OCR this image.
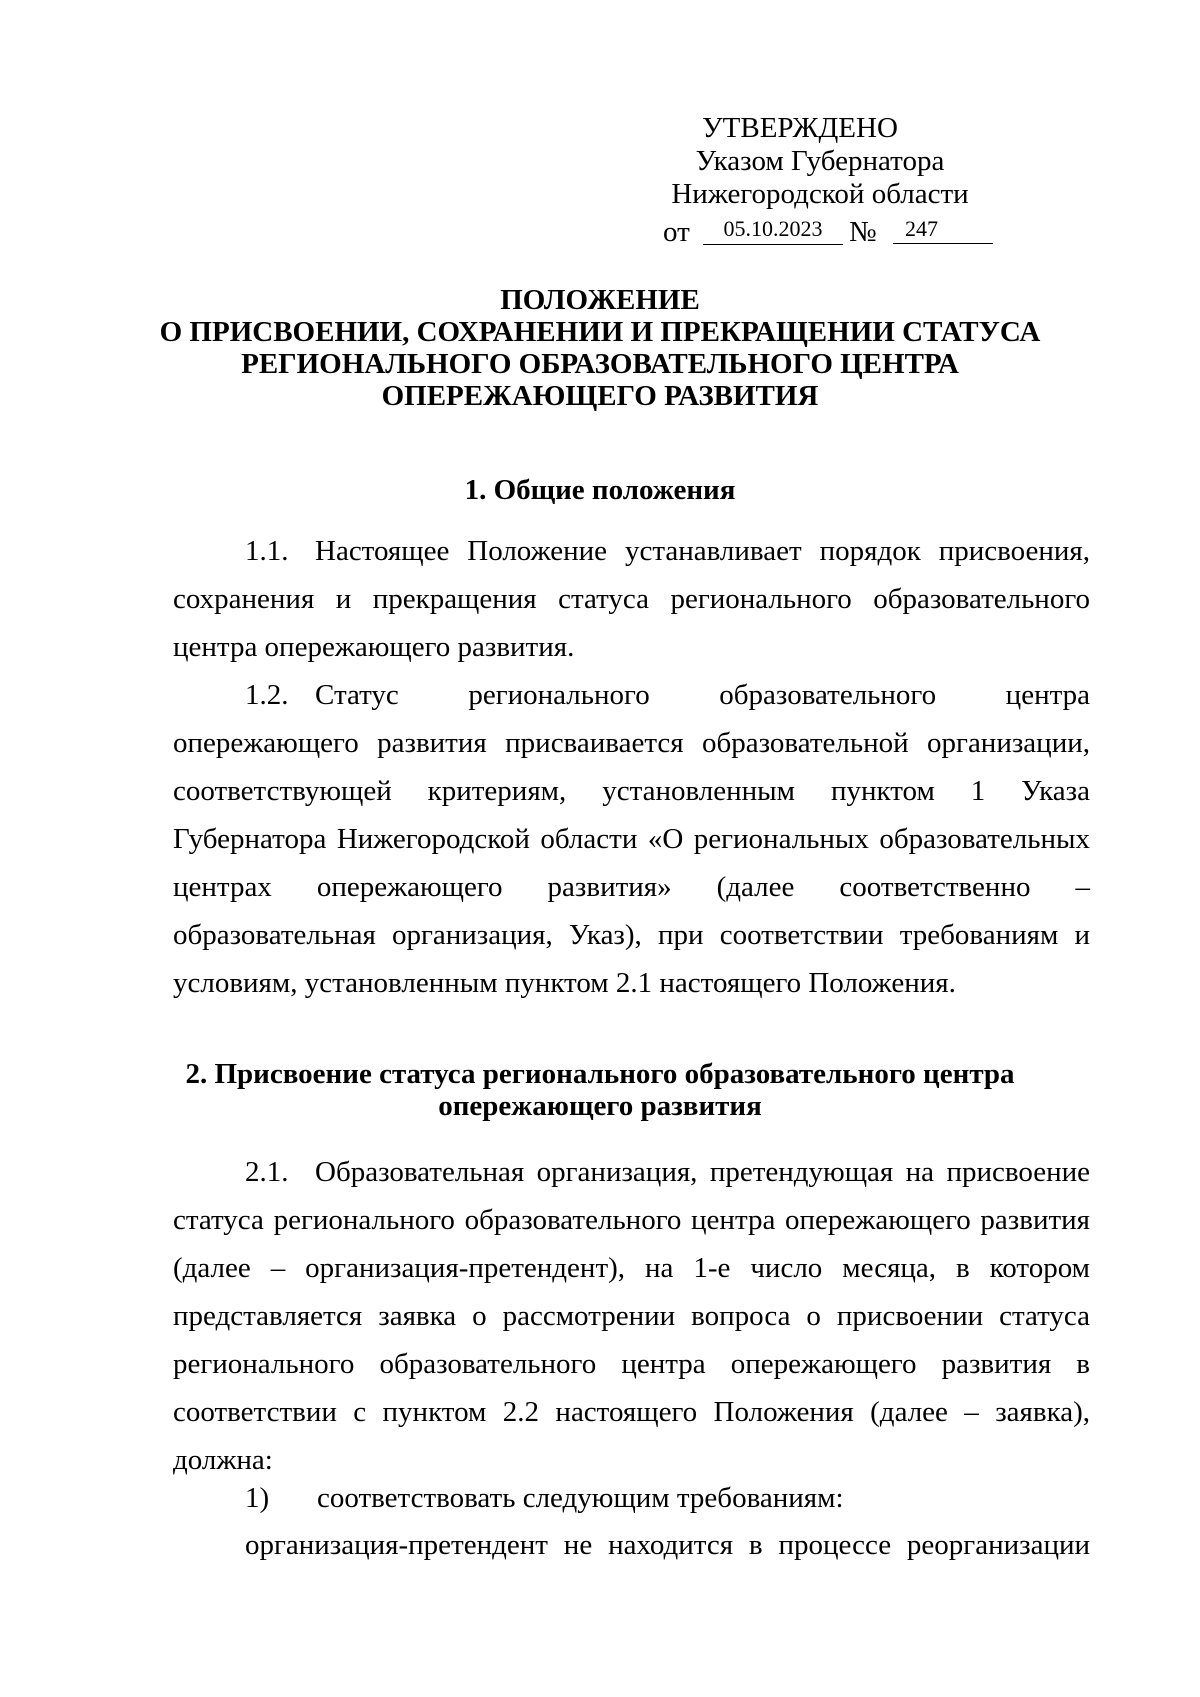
УТВЕРЖДЕНО
Указом Губернатора
Нижегородской области
от	05.10.2023 №	247
ПОЛОЖЕНИЕ
О ПРИСВОЕНИИ, СОХРАНЕНИИ И ПРЕКРАЩЕНИИ СТАТУСА
РЕГИОНАЛЬНОГО ОБРАЗОВАТЕЛЬНОГО ЦЕНТРА
ОПЕРЕЖАЮЩЕГО РАЗВИТИЯ
1. Общие положения
1.1. Настоящее Положение устанавливает порядок присвоения, сохранения и прекращения статуса регионального образовательного центра опережающего развития.
1.2. Статус регионального образовательного центра опережающего развития присваивается образовательной организации, соответствующей критериям, установленным пунктом 1 Указа Губернатора Нижегородской области «О региональных образовательных центрах опережающего развития» (далее соответственно – образовательная организация, Указ), при соответствии требованиям и условиям, установленным пунктом 2.1 настоящего Положения.
2. Присвоение статуса регионального образовательного центра
опережающего развития
2.1. Образовательная организация, претендующая на присвоение статуса регионального образовательного центра опережающего развития (далее – организация-претендент), на 1-е число месяца, в котором представляется заявка о рассмотрении вопроса о присвоении статуса регионального образовательного центра опережающего развития в соответствии с пунктом 2.2 настоящего Положения (далее – заявка), должна:
1) соответствовать следующим требованиям:
организация-претендент не находится в процессе реорганизации
